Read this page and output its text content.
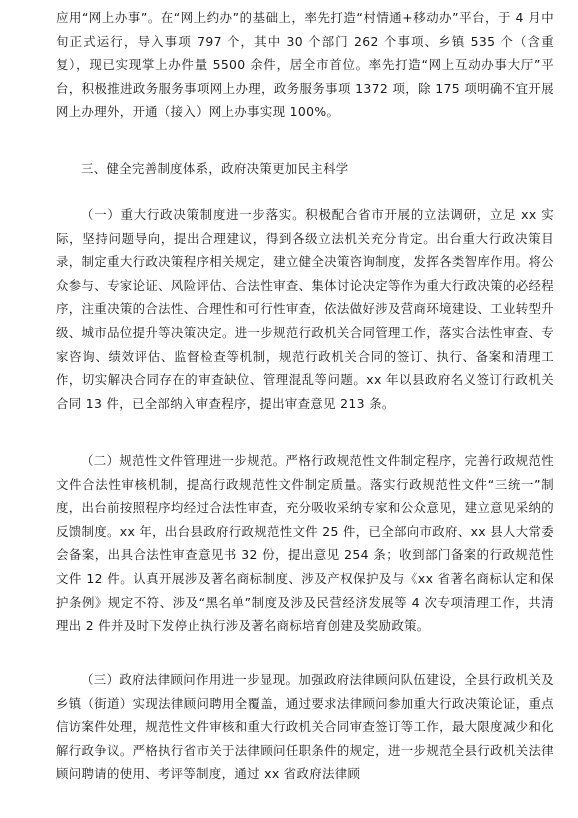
应用“网上办事”。在“网上约办”的基础上，率先打造“村情通+移动办”平台，于 4 月中旬正式运行，导入事项 797 个，其中 30 个部门 262 个事项、乡镇 535 个（含重复），现已实现掌上办件量 5500 余件，居全市首位。率先打造“网上互动办事大厅”平台，积极推进政务服务事项网上办理，政务服务事项 1372 项，除 175 项明确不宜开展网上办理外，开通（接入）网上办事实现 100%。

三、健全完善制度体系，政府决策更加民主科学

（一）重大行政决策制度进一步落实。积极配合省市开展的立法调研，立足 xx 实际，坚持问题导向，提出合理建议，得到各级立法机关充分肯定。出台重大行政决策目录，制定重大行政决策程序相关规定，建立健全决策咨询制度，发挥各类智库作用。将公众参与、专家论证、风险评估、合法性审查、集体讨论决定等作为重大行政决策的必经程序，注重决策的合法性、合理性和可行性审查，依法做好涉及营商环境建设、工业转型升级、城市品位提升等决策决定。进一步规范行政机关合同管理工作，落实合法性审查、专家咨询、绩效评估、监督检查等机制，规范行政机关合同的签订、执行、备案和清理工作，切实解决合同存在的审查缺位、管理混乱等问题。xx 年以县政府名义签订行政机关合同 13 件，已全部纳入审查程序，提出审查意见 213 条。

（二）规范性文件管理进一步规范。严格行政规范性文件制定程序，完善行政规范性文件合法性审核机制，提高行政规范性文件制定质量。落实行政规范性文件“三统一”制度，出台前按照程序均经过合法性审查，充分吸收采纳专家和公众意见，建立意见采纳的反馈制度。xx 年，出台县政府行政规范性文件 25 件，已全部向市政府、xx 县人大常委会备案，出具合法性审查意见书 32 份，提出意见 254 条；收到部门备案的行政规范性文件 12 件。认真开展涉及著名商标制度、涉及产权保护及与《xx 省著名商标认定和保护条例》规定不符、涉及“黑名单”制度及涉及民营经济发展等 4 次专项清理工作，共清理出 2 件并及时下发停止执行涉及著名商标培育创建及奖励政策。

（三）政府法律顾问作用进一步显现。加强政府法律顾问队伍建设，全县行政机关及乡镇（街道）实现法律顾问聘用全覆盖，通过要求法律顾问参加重大行政决策论证，重点信访案件处理，规范性文件审核和重大行政机关合同审查签订等工作，最大限度减少和化解行政争议。严格执行省市关于法律顾问任职条件的规定，进一步规范全县行政机关法律顾问聘请的使用、考评等制度，通过 xx 省政府法律顾
